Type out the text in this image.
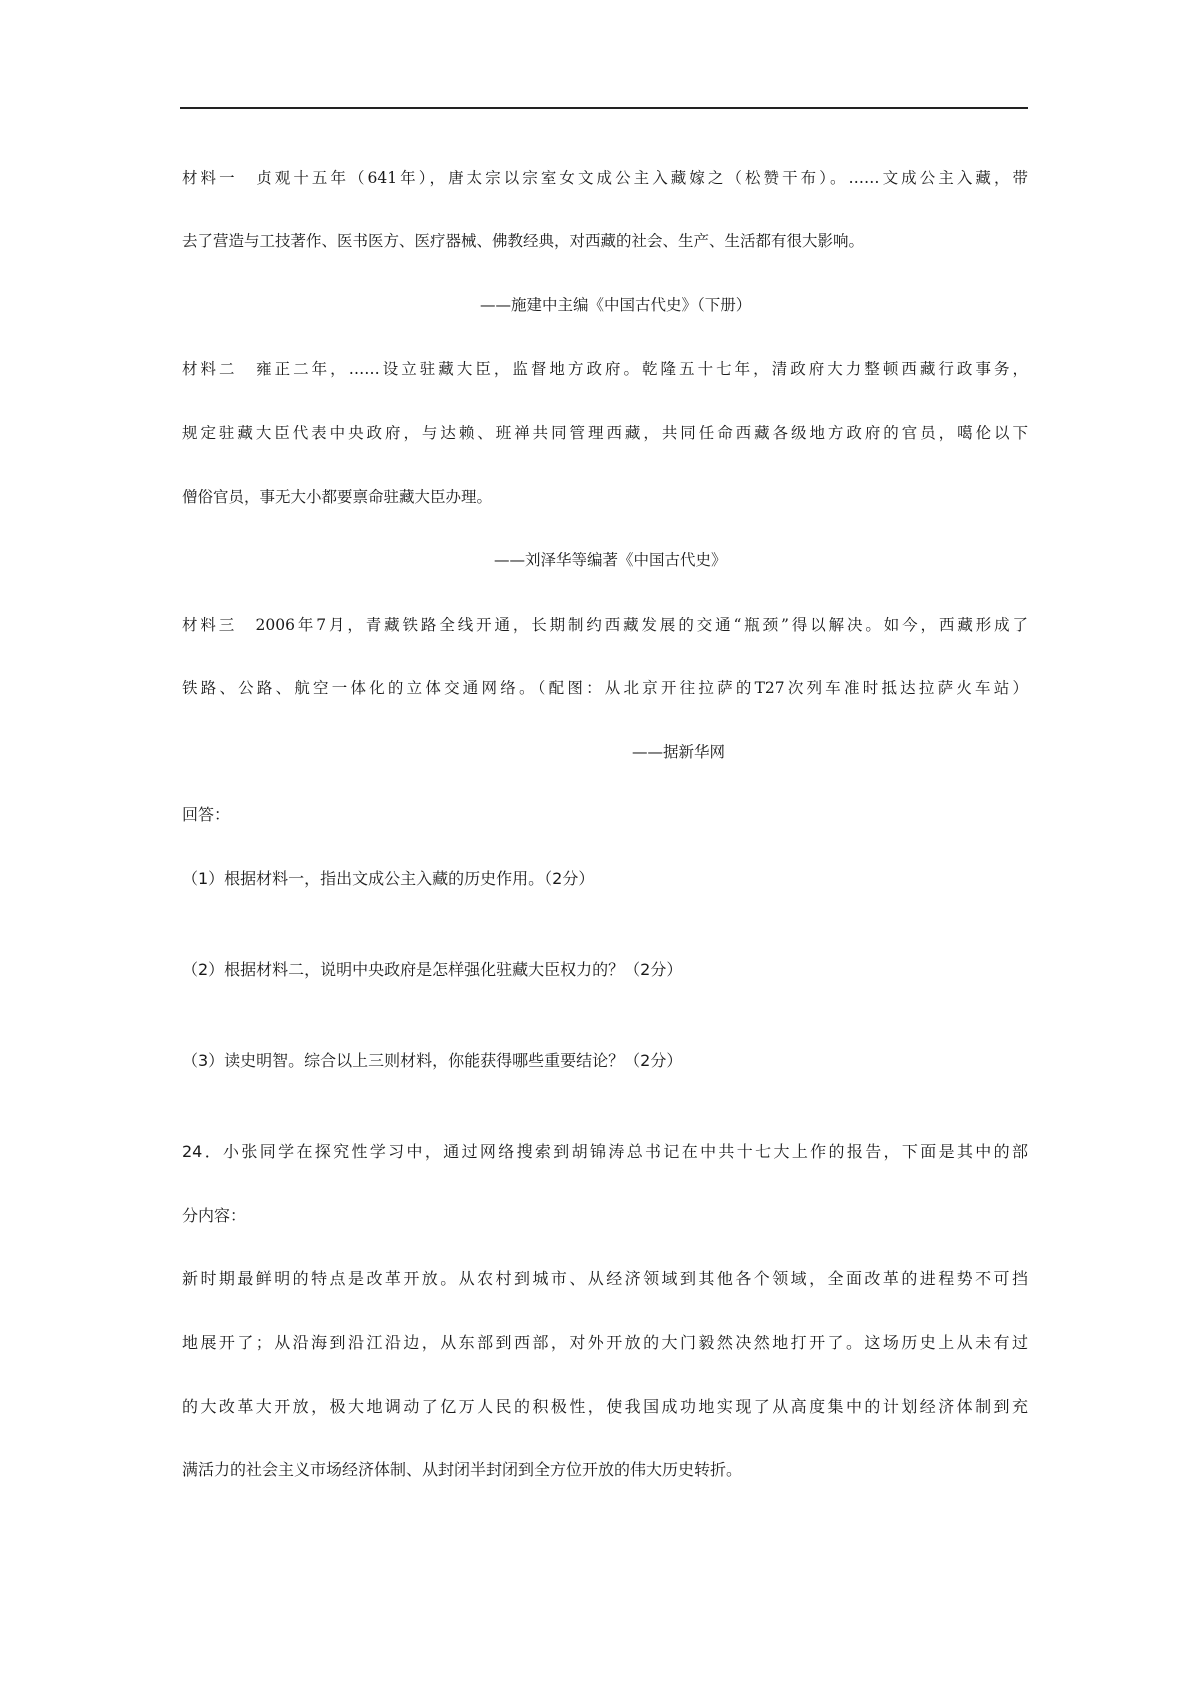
材料一　贞观十五年（641年），唐太宗以宗室女文成公主入藏嫁之（松赞干布）。……文成公主入藏，带
去了营造与工技著作、医书医方、医疗器械、佛教经典，对西藏的社会、生产、生活都有很大影响。
——施建中主编《中国古代史》（下册）
材料二　雍正二年，……设立驻藏大臣，监督地方政府。乾隆五十七年，清政府大力整顿西藏行政事务，
规定驻藏大臣代表中央政府，与达赖、班禅共同管理西藏，共同任命西藏各级地方政府的官员，噶伦以下
僧俗官员，事无大小都要禀命驻藏大臣办理。
——刘泽华等编著《中国古代史》
材料三　2006年7月，青藏铁路全线开通，长期制约西藏发展的交通“瓶颈”得以解决。如今，西藏形成了
铁路、公路、航空一体化的立体交通网络。（配图：从北京开往拉萨的T27次列车准时抵达拉萨火车站）
——据新华网
回答：
（1）根据材料一，指出文成公主入藏的历史作用。（2分）
（2）根据材料二，说明中央政府是怎样强化驻藏大臣权力的？（2分）
（3）读史明智。综合以上三则材料，你能获得哪些重要结论？（2分）
24．小张同学在探究性学习中，通过网络搜索到胡锦涛总书记在中共十七大上作的报告，下面是其中的部
分内容：
新时期最鲜明的特点是改革开放。从农村到城市、从经济领域到其他各个领域，全面改革的进程势不可挡
地展开了；从沿海到沿江沿边，从东部到西部，对外开放的大门毅然决然地打开了。这场历史上从未有过
的大改革大开放，极大地调动了亿万人民的积极性，使我国成功地实现了从高度集中的计划经济体制到充
满活力的社会主义市场经济体制、从封闭半封闭到全方位开放的伟大历史转折。
